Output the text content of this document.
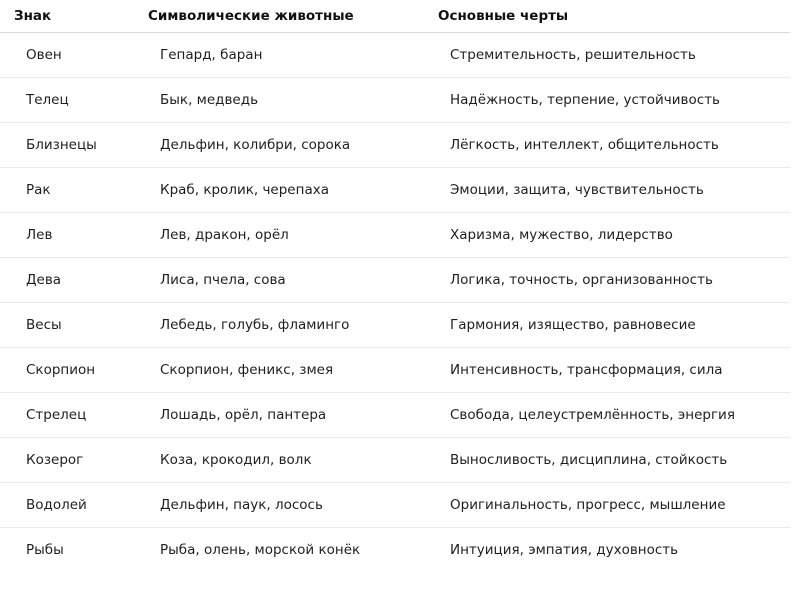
Знак	Символические животные	Основные черты
Овен	Гепард, баран	Стремительность, решительность
Телец	Бык, медведь	Надёжность, терпение, устойчивость
Близнецы	Дельфин, колибри, сорока	Лёгкость, интеллект, общительность
Рак	Краб, кролик, черепаха	Эмоции, защита, чувствительность
Лев	Лев, дракон, орёл	Харизма, мужество, лидерство
Дева	Лиса, пчела, сова	Логика, точность, организованность
Весы	Лебедь, голубь, фламинго	Гармония, изящество, равновесие
Скорпион	Скорпион, феникс, змея	Интенсивность, трансформация, сила
Стрелец	Лошадь, орёл, пантера	Свобода, целеустремлённость, энергия
Козерог	Коза, крокодил, волк	Выносливость, дисциплина, стойкость
Водолей	Дельфин, паук, лосось	Оригинальность, прогресс, мышление
Рыбы	Рыба, олень, морской конёк	Интуиция, эмпатия, духовность
